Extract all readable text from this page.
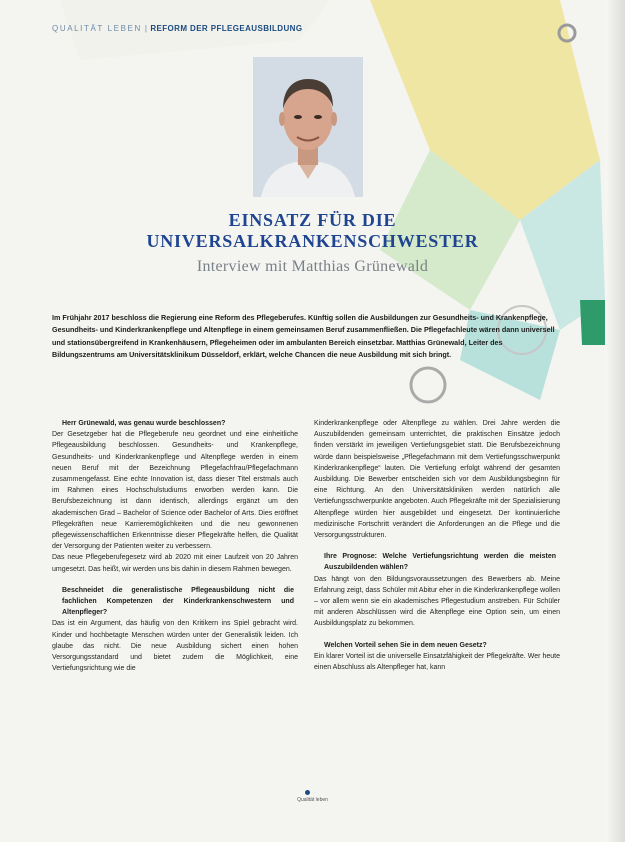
QUALITÄT LEBEN | REFORM DER PFLEGEAUSBILDUNG
EINSATZ FÜR DIE
UNIVERSALKRANKENSCHWESTER
Interview mit Matthias Grünewald
Im Frühjahr 2017 beschloss die Regierung eine Reform des Pflegeberufes. Künftig sollen die Ausbildungen zur Gesundheits- und Krankenpflege, Gesundheits- und Kinderkrankenpflege und Altenpflege in einem gemeinsamen Beruf zusammenfließen. Die Pflegefachleute wären dann universell und stationsübergreifend in Krankenhäusern, Pflegeheimen oder im ambulanten Bereich einsetzbar. Matthias Grünewald, Leiter des Bildungszentrums am Universitätsklinikum Düsseldorf, erklärt, welche Chancen die neue Ausbildung mit sich bringt.
Herr Grünewald, was genau wurde beschlossen?
Der Gesetzgeber hat die Pflegeberufe neu geordnet und eine einheitliche Pflegeausbildung beschlossen. Gesundheits- und Krankenpflege, Gesundheits- und Kinderkrankenpflege und Altenpflege werden in einem neuen Beruf mit der Bezeichnung Pflegefachfrau/Pflegefachmann zusammengefasst. Eine echte Innovation ist, dass dieser Titel erstmals auch im Rahmen eines Hochschulstudiums erworben werden kann. Die Berufsbezeichnung ist dann identisch, allerdings ergänzt um den akademischen Grad – Bachelor of Science oder Bachelor of Arts. Dies eröffnet Pflegekräften neue Karrieremöglichkeiten und die neu gewonnenen pflegewissenschaftlichen Erkenntnisse dieser Pflegekräfte helfen, die Qualität der Versorgung der Patienten weiter zu verbessern.
Das neue Pflegeberufegesetz wird ab 2020 mit einer Laufzeit von 20 Jahren umgesetzt. Das heißt, wir werden uns bis dahin in diesem Rahmen bewegen.
Beschneidet die generalistische Pflegeausbildung nicht die fachlichen Kompetenzen der Kinderkrankenschwestern und Altenpfleger?
Das ist ein Argument, das häufig von den Kritikern ins Spiel gebracht wird. Kinder und hochbetagte Menschen würden unter der Generalistik leiden. Ich glaube das nicht. Die neue Ausbildung sichert einen hohen Versorgungsstandard und bietet zudem die Möglichkeit, eine Vertiefungsrichtung wie die
Kinderkrankenpflege oder Altenpflege zu wählen. Drei Jahre werden die Auszubildenden gemeinsam unterrichtet, die praktischen Einsätze jedoch finden verstärkt im jeweiligen Vertiefungsgebiet statt. Die Berufsbezeichnung würde dann beispielsweise „Pflegefachmann mit dem Vertiefungsschwerpunkt Kinderkrankenpflege“ lauten. Die Vertiefung erfolgt während der gesamten Ausbildung. Die Bewerber entscheiden sich vor dem Ausbildungsbeginn für eine Richtung. An den Universitätskliniken werden natürlich alle Vertiefungsschwerpunkte angeboten. Auch Pflegekräfte mit der Spezialisierung Altenpflege würden hier ausgebildet und eingesetzt. Der kontinuierliche medizinische Fortschritt verändert die Anforderungen an die Pflege und die Versorgungsstrukturen.
Ihre Prognose: Welche Vertiefungsrichtung werden die meisten Auszubildenden wählen?
Das hängt von den Bildungsvoraussetzungen des Bewerbers ab. Meine Erfahrung zeigt, dass Schüler mit Abitur eher in die Kinderkrankenpflege wollen – vor allem wenn sie ein akademisches Pflegestudium anstreben. Für Schüler mit anderen Abschlüssen wird die Altenpflege eine Option sein, um einen Ausbildungsplatz zu bekommen.
Welchen Vorteil sehen Sie in dem neuen Gesetz?
Ein klarer Vorteil ist die universelle Einsatzfähigkeit der Pflegekräfte. Wer heute einen Abschluss als Altenpfleger hat, kann
Qualität leben
